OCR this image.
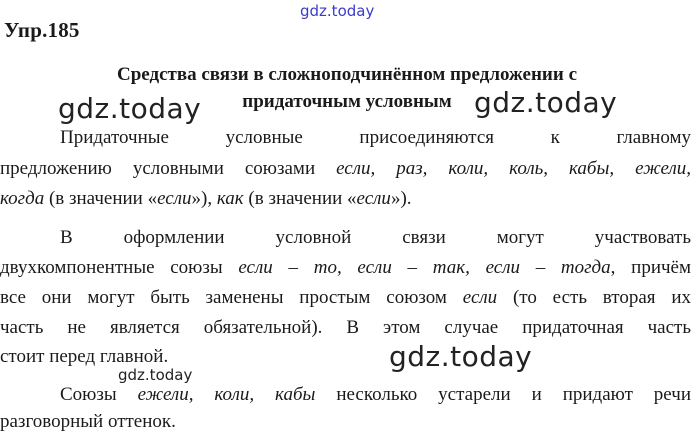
gdz.today
Упр.185
Средства связи в сложноподчинённом предложении с
придаточным условным
Придаточные условные присоединяются к главному
предложению условными союзами если, раз, коли, коль, кабы, ежели,
когда (в значении «если»), как (в значении «если»).
В оформлении условной связи могут участвовать
двухкомпонентные союзы если – то, если – так, если – тогда, причём
все они могут быть заменены простым союзом если (то есть вторая их
часть не является обязательной). В этом случае придаточная часть
стоит перед главной.
Союзы ежели, коли, кабы несколько устарели и придают речи
разговорный оттенок.
gdz.today	gdz.today
gdz.today
gdz.today
